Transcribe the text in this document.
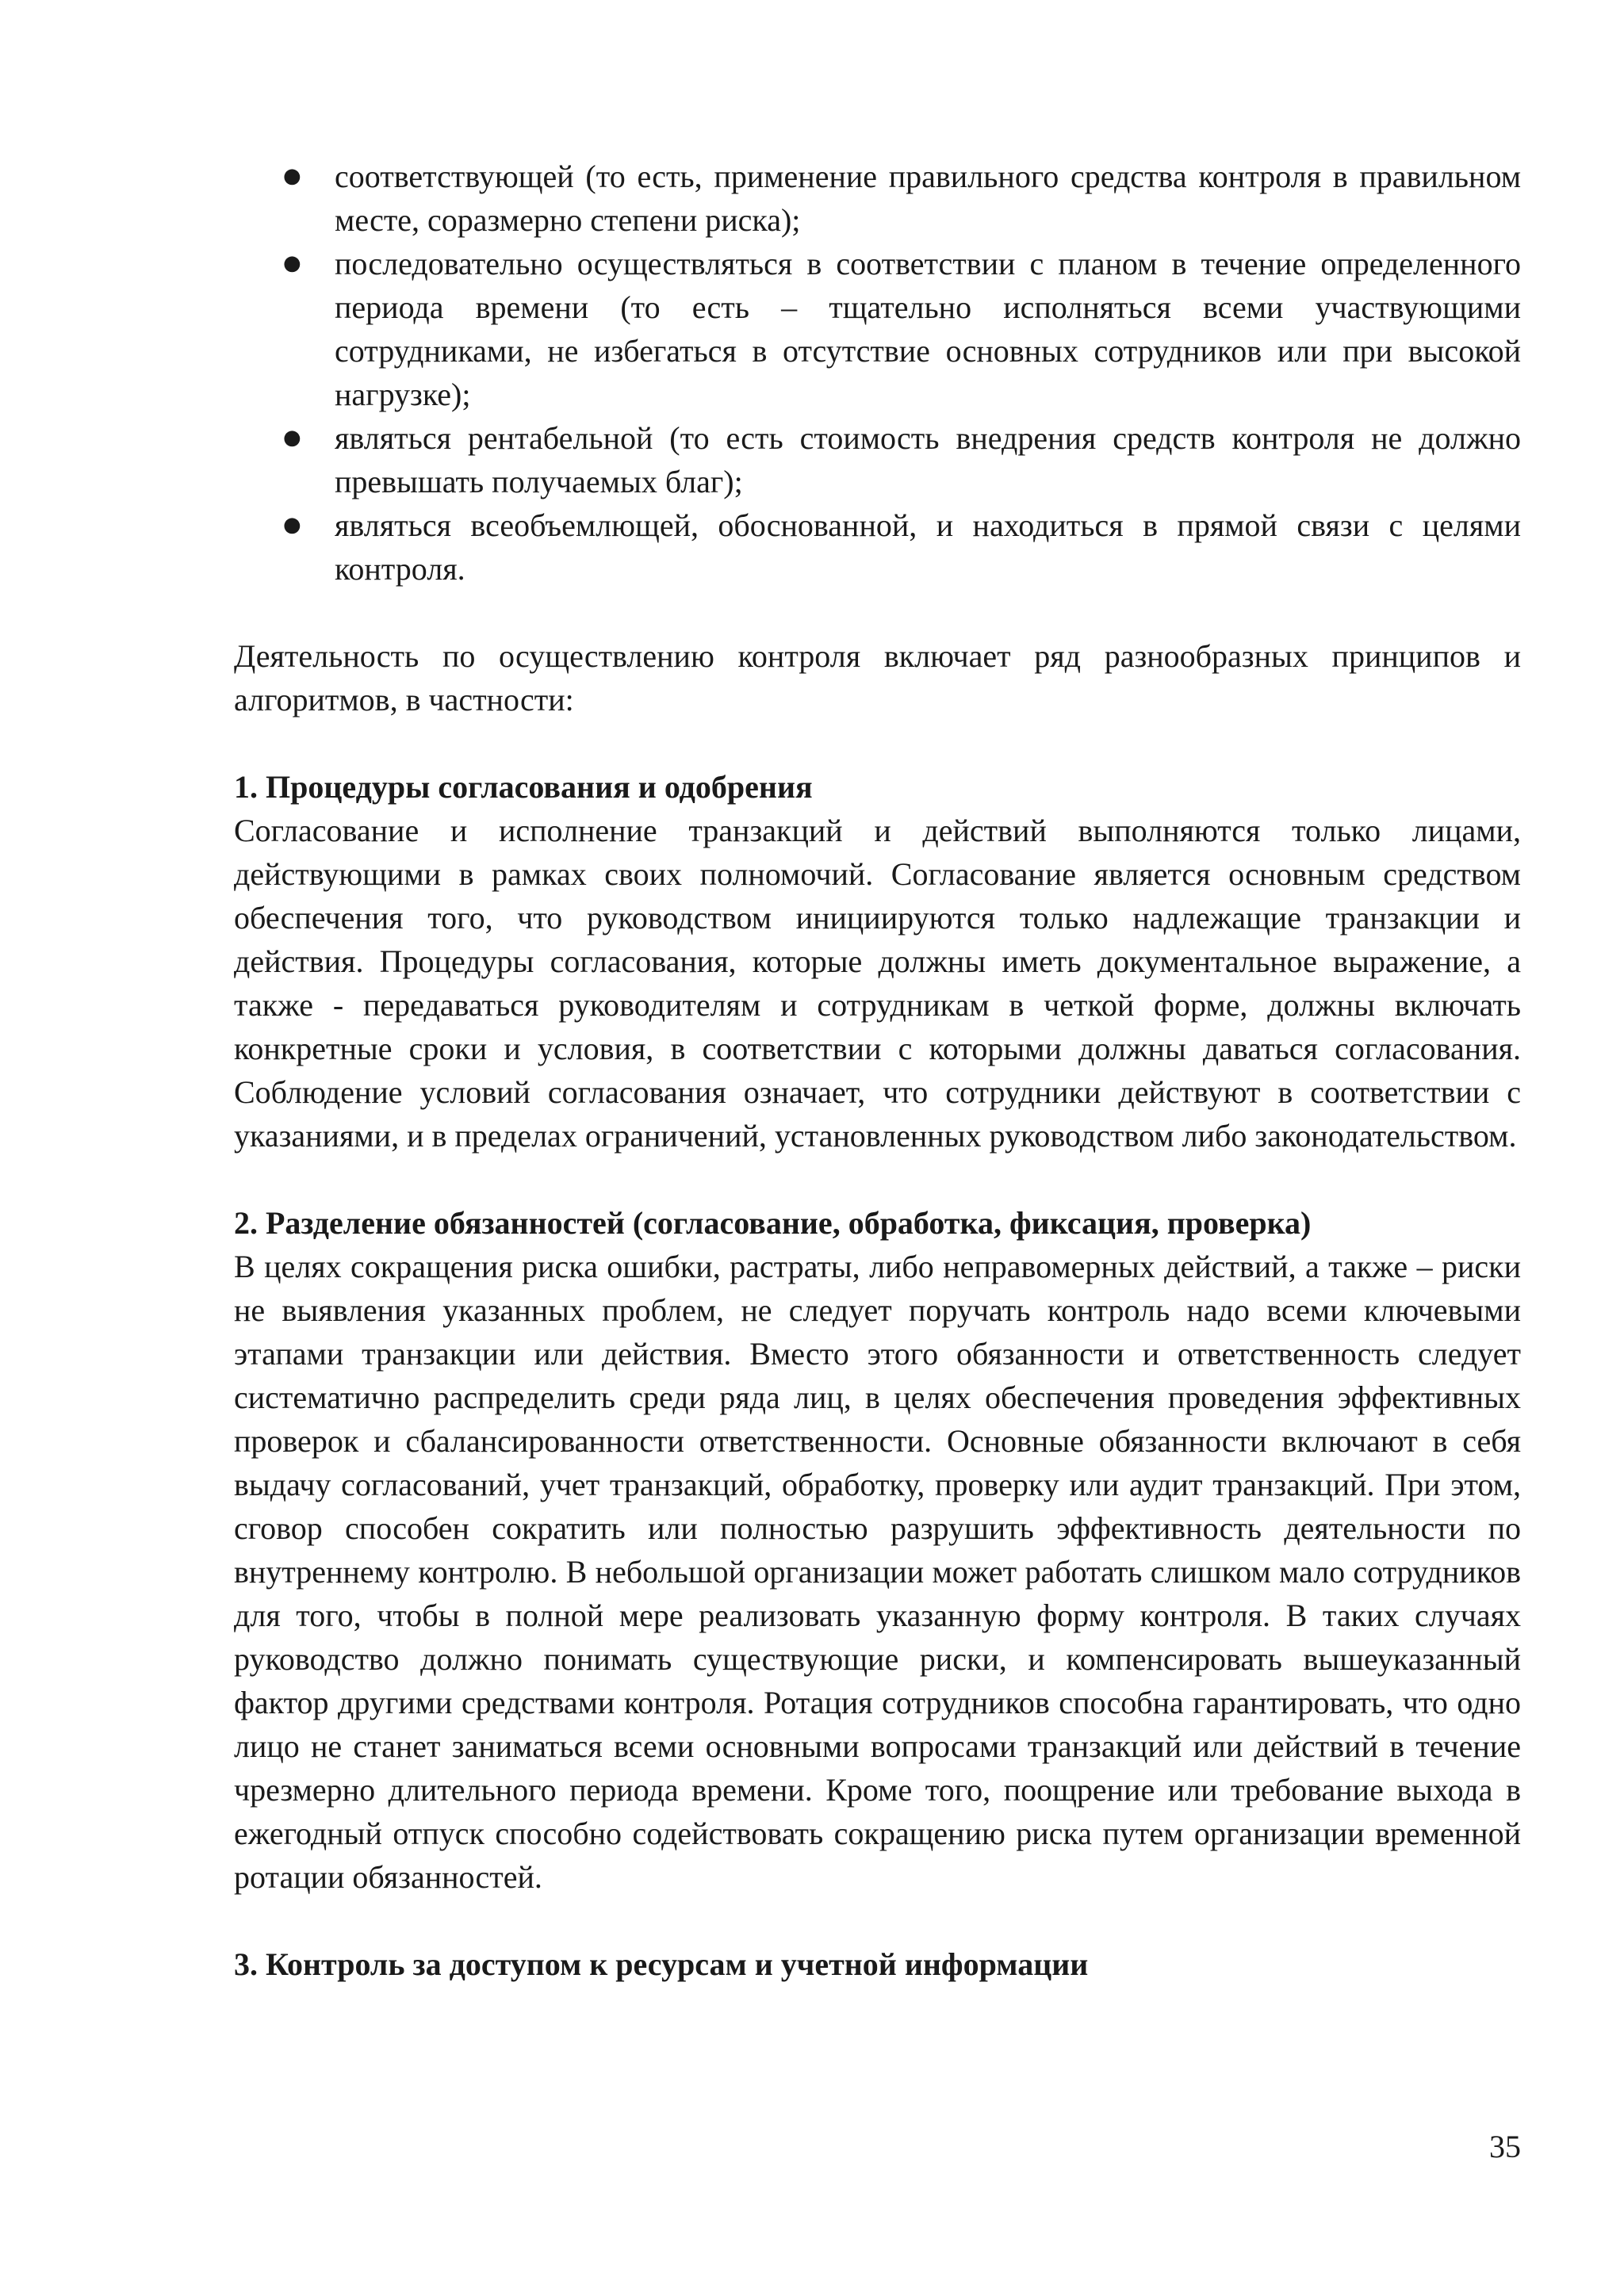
● соответствующей (то есть, применение правильного средства контроля в правильном месте, соразмерно степени риска);
● последовательно осуществляться в соответствии с планом в течение определенного периода времени (то есть – тщательно исполняться всеми участвующими сотрудниками, не избегаться в отсутствие основных сотрудников или при высокой нагрузке);
● являться рентабельной (то есть стоимость внедрения средств контроля не должно превышать получаемых благ);
● являться всеобъемлющей, обоснованной, и находиться в прямой связи с целями контроля.

Деятельность по осуществлению контроля включает ряд разнообразных принципов и алгоритмов, в частности:

1. Процедуры согласования и одобрения

Согласование и исполнение транзакций и действий выполняются только лицами, действующими в рамках своих полномочий. Согласование является основным средством обеспечения того, что руководством инициируются только надлежащие транзакции и действия. Процедуры согласования, которые должны иметь документальное выражение, а также - передаваться руководителям и сотрудникам в четкой форме, должны включать конкретные сроки и условия, в соответствии с которыми должны даваться согласования. Соблюдение условий согласования означает, что сотрудники действуют в соответствии с указаниями, и в пределах ограничений, установленных руководством либо законодательством.

2. Разделение обязанностей (согласование, обработка, фиксация, проверка)

В целях сокращения риска ошибки, растраты, либо неправомерных действий, а также – риски не выявления указанных проблем, не следует поручать контроль надо всеми ключевыми этапами транзакции или действия. Вместо этого обязанности и ответственность следует систематично распределить среди ряда лиц, в целях обеспечения проведения эффективных проверок и сбалансированности ответственности. Основные обязанности включают в себя выдачу согласований, учет транзакций, обработку, проверку или аудит транзакций. При этом, сговор способен сократить или полностью разрушить эффективность деятельности по внутреннему контролю. В небольшой организации может работать слишком мало сотрудников для того, чтобы в полной мере реализовать указанную форму контроля. В таких случаях руководство должно понимать существующие риски, и компенсировать вышеуказанный фактор другими средствами контроля. Ротация сотрудников способна гарантировать, что одно лицо не станет заниматься всеми основными вопросами транзакций или действий в течение чрезмерно длительного периода времени. Кроме того, поощрение или требование выхода в ежегодный отпуск способно содействовать сокращению риска путем организации временной ротации обязанностей.

3. Контроль за доступом к ресурсам и учетной информации

35
